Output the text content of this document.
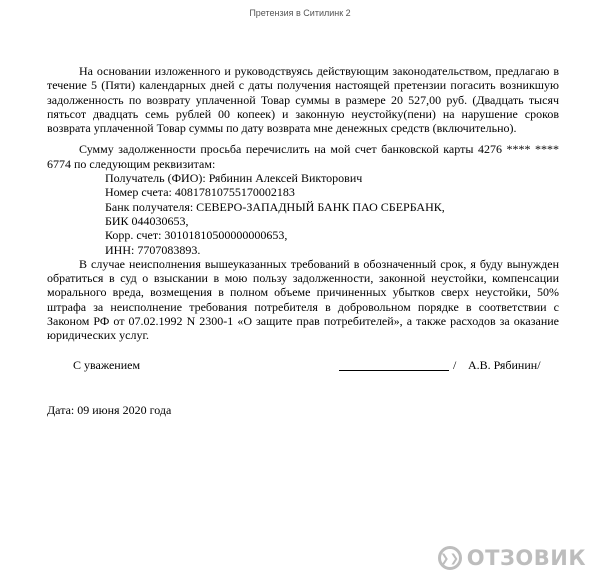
Претензия в Ситилинк 2

На основании изложенного и руководствуясь действующим законодательством, предлагаю в течение 5 (Пяти) календарных дней с даты получения настоящей претензии погасить возникшую задолженность по возврату уплаченной Товар суммы в размере 20 527,00 руб. (Двадцать тысяч пятьсот двадцать семь рублей 00 копеек) и законную неустойку(пени) на нарушение сроков возврата уплаченной Товар суммы по дату возврата мне денежных средств (включительно).

Сумму задолженности просьба перечислить на мой счет банковской карты 4276 **** **** 6774 по следующим реквизитам:

Получатель (ФИО): Рябинин Алексей Викторович

Номер счета: 40817810755170002183

Банк получателя: СЕВЕРО-ЗАПАДНЫЙ БАНК ПАО СБЕРБАНК,

БИК 044030653,

Корр. счет: 30101810500000000653,

ИНН: 7707083893.

В случае неисполнения вышеуказанных требований в обозначенный срок, я буду вынужден обратиться в суд о взыскании в мою пользу задолженности, законной неустойки, компенсации морального вреда, возмещения в полном объеме причиненных убытков сверх неустойки, 50% штрафа за неисполнение требования потребителя в добровольном порядке в соответствии с Законом РФ от 07.02.1992 N 2300-1 «О защите прав потребителей», а также расходов за оказание юридических услуг.

С уважением	/ А.В. Рябинин/

Дата: 09 июня 2020 года

❯❯ ОТЗОВИК
